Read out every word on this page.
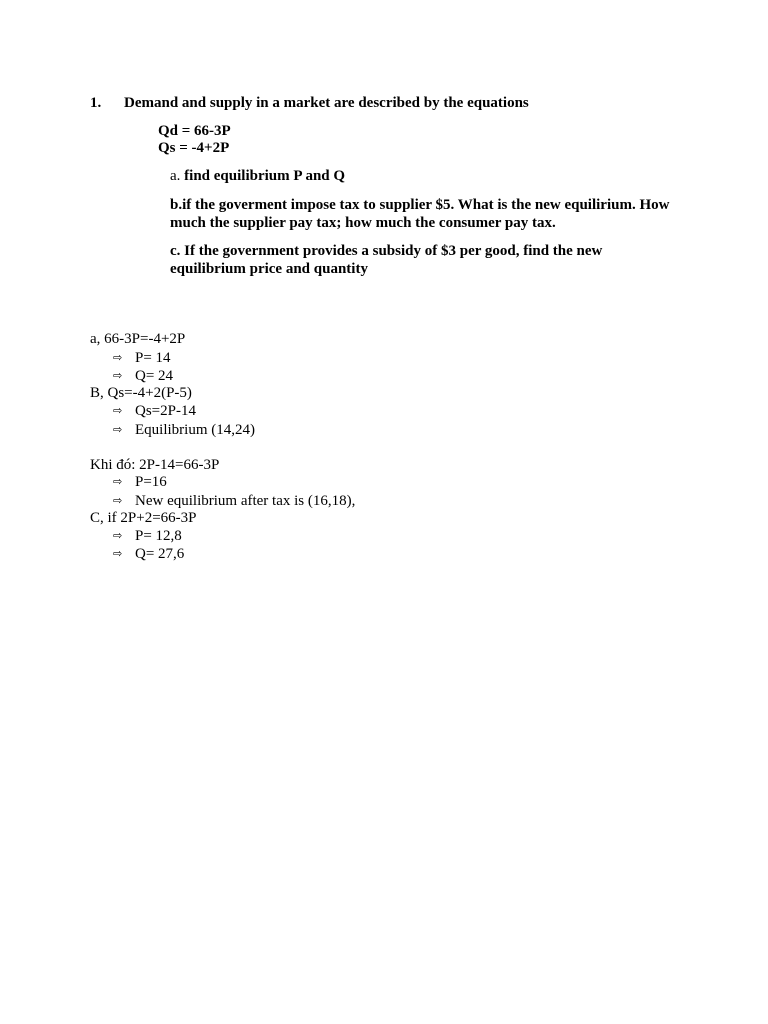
1. Demand and supply in a market are described by the equations
Qd = 66-3P
Qs = -4+2P
a. find equilibrium P and Q
b.if the goverment impose tax to supplier $5. What is the new equilirium. How
much the supplier pay tax; how much the consumer pay tax.
c. If the government provides a subsidy of $3 per good, find the new
equilibrium price and quantity
a, 66-3P=-4+2P
⇨ P= 14
⇨ Q= 24
B, Qs=-4+2(P-5)
⇨ Qs=2P-14
⇨ Equilibrium (14,24)
Khi đó: 2P-14=66-3P
⇨ P=16
⇨ New equilibrium after tax is (16,18),
C, if 2P+2=66-3P
⇨ P= 12,8
⇨ Q= 27,6
